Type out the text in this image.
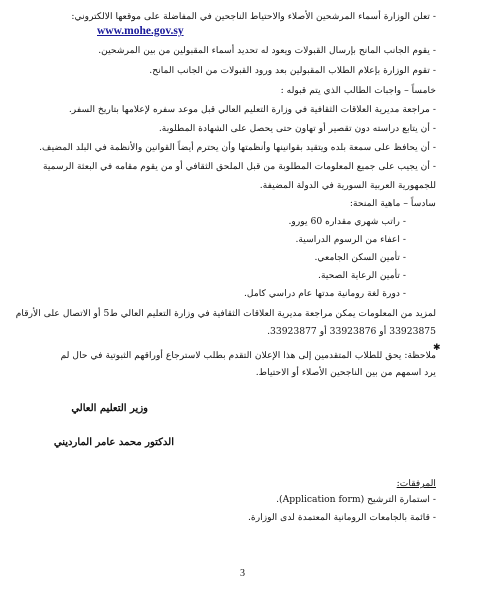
- تعلن الوزارة أسماء المرشحين الأصلاء والاحتياط الناجحين في المفاضلة على موقعها الالكتروني:
www.mohe.gov.sy
- يقوم الجانب المانح بإرسال القبولات ويعود له تحديد أسماء المقبولين من بين المرشحين.
- تقوم الوزارة بإعلام الطلاب المقبولين بعد ورود القبولات من الجانب المانح.
خامساً – واجبات الطالب الذي يتم قبوله :
- مراجعة مديرية العلاقات الثقافية في وزارة التعليم العالي قبل موعد سفره لإعلامها بتاريخ السفر.
- أن يتابع دراسته دون تقصير أو تهاون حتى يحصل على الشهادة المطلوبة.
- أن يحافظ على سمعة بلده ويتقيد بقوانينها وأنظمتها وأن يحترم أيضاً القوانين والأنظمة في البلد المضيف.
- أن يجيب على جميع المعلومات المطلوبة من قبل الملحق الثقافي أو من يقوم مقامه في البعثة الرسمية
للجمهورية العربية السورية في الدولة المضيفة.
سادساً – ماهية المنحة:
- راتب شهري مقداره 60 يورو.
- اعفاء من الرسوم الدراسية.
- تأمين السكن الجامعي.
- تأمين الرعاية الصحية.
- دورة لغة رومانية مدتها عام دراسي كامل.
لمزيد من المعلومات يمكن مراجعة مديرية العلاقات الثقافية في وزارة التعليم العالي ط5 أو الاتصال على الأرقام
33923875 أو 33923876 أو 33923877.
✱
ملاحظة: يحق للطلاب المتقدمين إلى هذا الإعلان التقدم بطلب لاسترجاع أوراقهم الثبوتية في حال لم
يرد اسمهم من بين الناجحين الأصلاء أو الاحتياط.
وزير التعليم العالي
الدكتور محمد عامر المارديني
المرفقات:
- استمارة الترشيح (Application form).
- قائمة بالجامعات الرومانية المعتمدة لدى الوزارة.
3
